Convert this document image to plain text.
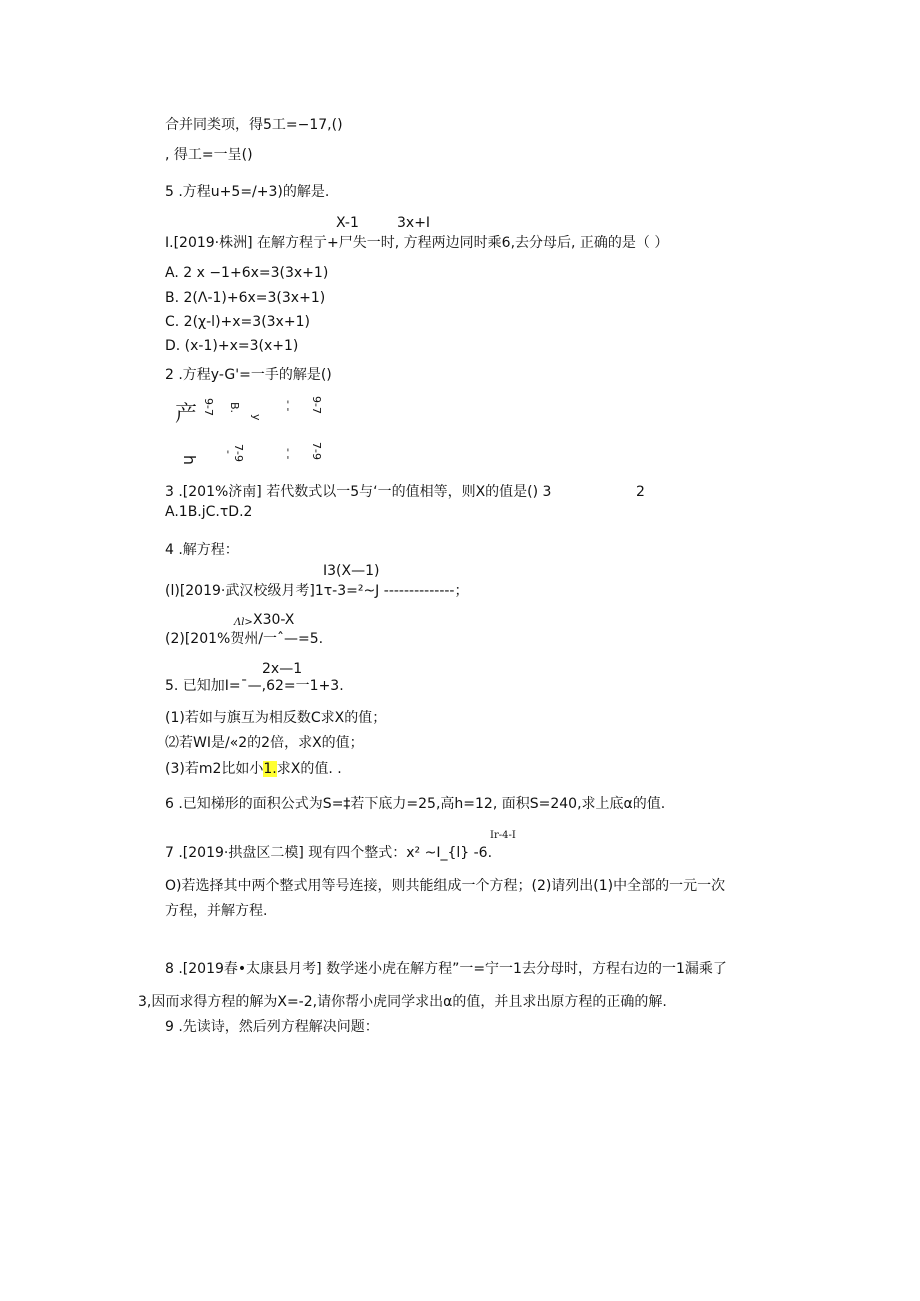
合并同类项，得5工=−17,()
, 得工=一呈()
5 .方程u+5=/+3)的解是.
X-1	3x+I
I.[2019·株洲] 在解方程亍+尸失一时, 方程两边同时乘6,去分母后, 正确的是（ ）
A. 2 x −1+6x=3(3x+1)
B. 2(Λ-1)+6x=3(3x+1)
C. 2(χ-l)+x=3(3x+1)
D. (x-1)+x=3(x+1)
2 .方程y-G'=一手的解是()
产 9-7 B.
y
- - 9-7
h	7-9
-	- - 7-9
3 .[201%济南] 若代数式以一5与‘一的值相等，则X的值是() 3	2
A.1B.jC.τD.2
4 .解方程：
I3(X—1)
(l)[2019·武汉校级月考]1τ-3=²~J --------------；
Λl> X30-X
(2)[201%贺州/一ˆ—=5.
2x—1
5. 已知加I=ˉ—,62=一1+3.
(1)若如与旗互为相反数C求X的值；
⑵若WI是/«2的2倍，求X的值；
(3)若m2比如小1.求X的值. .
6 .已知梯形的面积公式为S=‡若下底力=25,高h=12, 面积S=240,求上底α的值.
Ir-4-I
7 .[2019·拱盘区二模] 现有四个整式：x² ~I_{l} -6.
O)若选择其中两个整式用等号连接，则共能组成一个方程；(2)请列出(1)中全部的一元一次
方程，并解方程.
8 .[2019春•太康县月考] 数学迷小虎在解方程”一=宁一1去分母时，方程右边的一1漏乘了
3,因而求得方程的解为X=-2,请你帮小虎同学求出α的值，并且求出原方程的正确的解.
9 .先读诗，然后列方程解决问题：
